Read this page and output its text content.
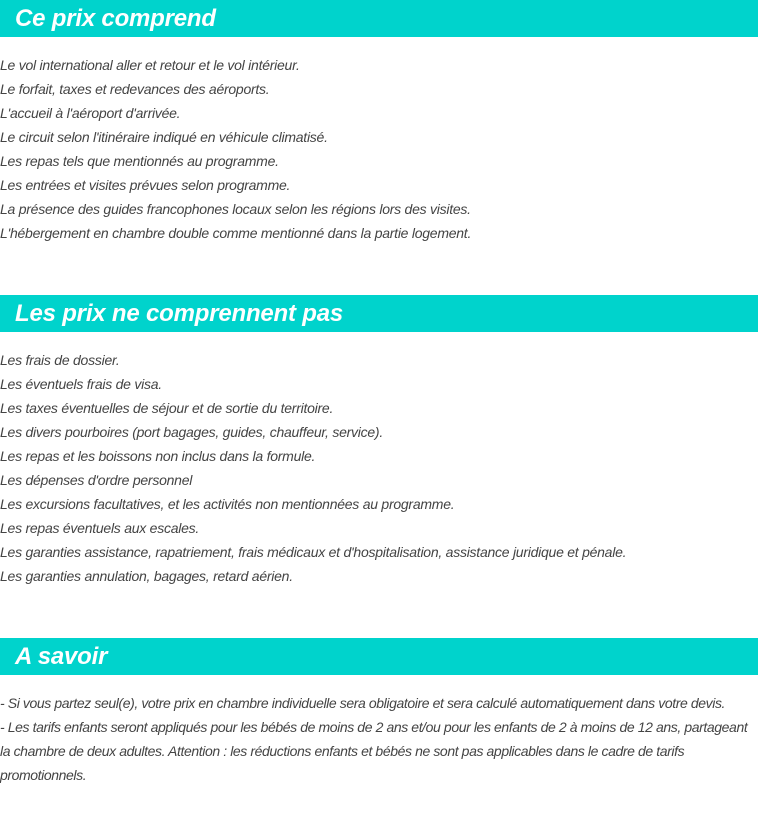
Ce prix comprend
Le vol international aller et retour et le vol intérieur.
Le forfait, taxes et redevances des aéroports.
L'accueil à l'aéroport d'arrivée.
Le circuit selon l'itinéraire indiqué en véhicule climatisé.
Les repas tels que mentionnés au programme.
Les entrées et visites prévues selon programme.
La présence des guides francophones locaux selon les régions lors des visites.
L'hébergement en chambre double comme mentionné dans la partie logement.
Les prix ne comprennent pas
Les frais de dossier.
Les éventuels frais de visa.
Les taxes éventuelles de séjour et de sortie du territoire.
Les divers pourboires (port bagages, guides, chauffeur, service).
Les repas et les boissons non inclus dans la formule.
Les dépenses d'ordre personnel
Les excursions facultatives, et les activités non mentionnées au programme.
Les repas éventuels aux escales.
Les garanties assistance, rapatriement, frais médicaux et d'hospitalisation, assistance juridique et pénale.
Les garanties annulation, bagages, retard aérien.
A savoir

- Si vous partez seul(e), votre prix en chambre individuelle sera obligatoire et sera calculé automatiquement dans votre devis.

- Les tarifs enfants seront appliqués pour les bébés de moins de 2 ans et/ou pour les enfants de 2 à moins de 12 ans, partageant la chambre de deux adultes. Attention : les réductions enfants et bébés ne sont pas applicables dans le cadre de tarifs promotionnels.
